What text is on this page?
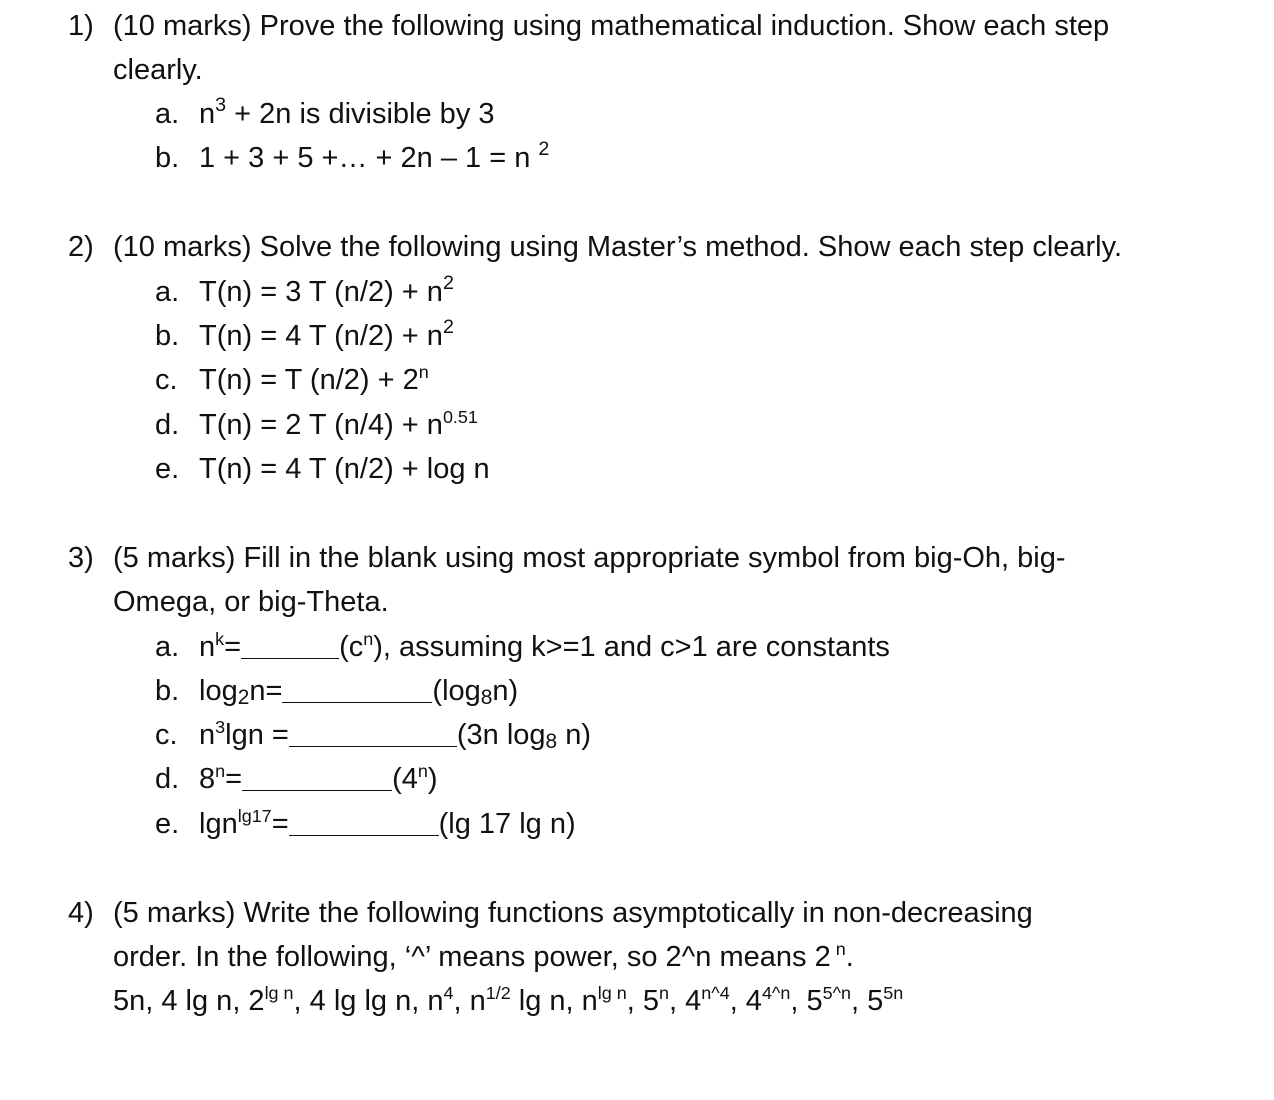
1) (10 marks) Prove the following using mathematical induction. Show each step
clearly.
a. $n^3 + 2n$ is divisible by 3
b. 1 + 3 + 5 +… + 2n – 1 = n $^2$
2) (10 marks) Solve the following using Master’s method. Show each step clearly.
a. T(n) = 3 T $(n/2) + n^2$
b. T(n) = 4 T $(n/2) + n^2$
c. T(n) = T $(n/2) + 2^n$
d. T(n) = 2 T $(n/4) + n^{0.51}$
e. T(n) = 4 T (n/2) + log n
3) (5 marks) Fill in the blank using most appropriate symbol from big-Oh, big-
Omega, or big-Theta.
a. $n^k=$	$(c^n)$, assuming k>=1 and c>1 are constants
b. $\log_2n=$	$(\log_8n)$
c. $n^3\lg n$ =	(3n $\log_8 n$)
d. $8^n=$	$(4^n)$
e. lgn$^{lg17}$=	(lg 17 lg n)
4) (5 marks) Write the following functions asymptotically in non-decreasing
order. In the following, ‘^’ means power, so 2^n means 2 $^n$.
5n, 4 lg n, $2^{lg n}$, 4 lg lg n, $n^4$, $n^{1/2}$ lg n, $n^{lg n}$, 5$^n$, $4^{n\^{}4}$, $4^{4\^{}n}$, $5^{5\^{}n}$, $5^{5n}$
